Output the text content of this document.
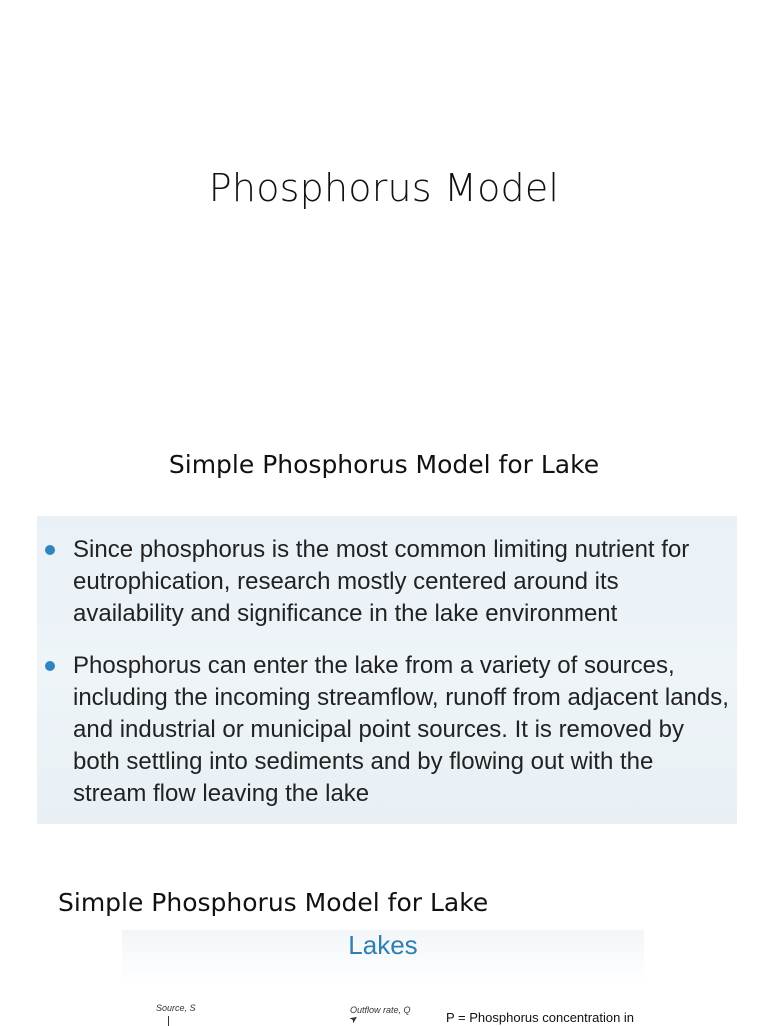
Phosphorus Model
Simple Phosphorus Model for Lake
Since phosphorus is the most common limiting nutrient for eutrophication, research mostly centered around its availability and significance in the lake environment
Phosphorus can enter the lake from a variety of sources, including the incoming streamflow, runoff from adjacent lands, and industrial or municipal point sources. It is removed by both settling into sediments and by flowing out with the stream flow leaving the lake
Simple Phosphorus Model for Lake
Lakes
Source, S	Outflow rate, Q
➤	P = Phosphorus concentration in
